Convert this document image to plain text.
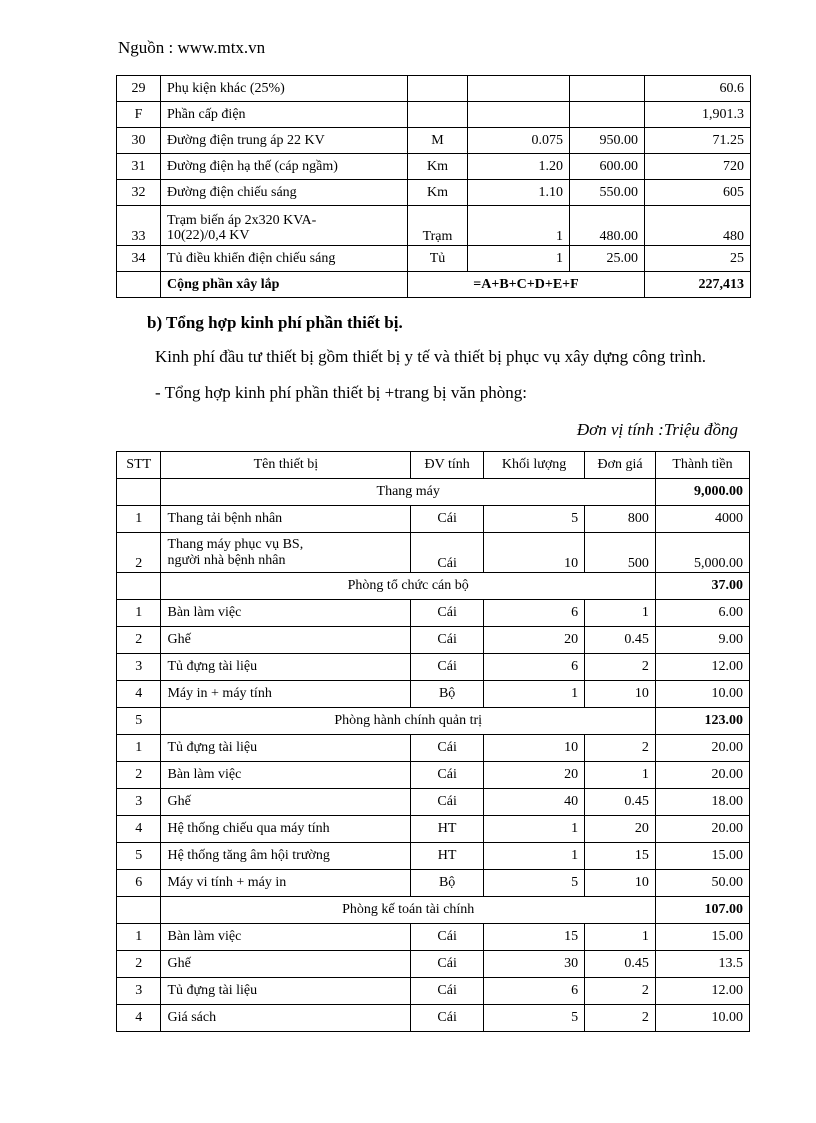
Nguồn : www.mtx.vn
29	Phụ kiện khác (25%)				60.6
F	Phần cấp điện				1,901.3
30	Đường điện trung áp 22 KV	M	0.075	950.00	71.25
31	Đường điện hạ thế (cáp ngầm)	Km	1.20	600.00	720
32	Đường điện chiếu sáng	Km	1.10	550.00	605
33	Trạm biến áp 2x320 KVA-
10(22)/0,4 KV	Trạm	1	480.00	480
34	Tủ điều khiển điện chiếu sáng	Tủ	1	25.00	25
	Cộng phần xây lắp	=A+B+C+D+E+F			227,413
b) Tổng hợp kinh phí phần thiết bị.
Kinh phí đầu tư thiết bị gồm thiết bị y tế và thiết bị phục vụ xây dựng công trình.
- Tổng hợp kinh phí phần thiết bị +trang bị văn phòng:
Đơn vị tính :Triệu đồng
STT	Tên thiết bị	ĐV tính	Khối lượng	Đơn giá	Thành tiền
	Thang máy				9,000.00
1	Thang tải bệnh nhân	Cái	5	800	4000
2	Thang máy phục vụ BS,
người nhà bệnh nhân	Cái	10	500	5,000.00
	Phòng tổ chức cán bộ				37.00
1	Bàn làm việc	Cái	6	1	6.00
2	Ghế	Cái	20	0.45	9.00
3	Tủ đựng tài liệu	Cái	6	2	12.00
4	Máy in + máy tính	Bộ	1	10	10.00
5	Phòng hành chính quản trị				123.00
1	Tủ đựng tài liệu	Cái	10	2	20.00
2	Bàn làm việc	Cái	20	1	20.00
3	Ghế	Cái	40	0.45	18.00
4	Hệ thống chiếu qua máy tính	HT	1	20	20.00
5	Hệ thống tăng âm hội trường	HT	1	15	15.00
6	Máy vi tính + máy in	Bộ	5	10	50.00
	Phòng kế toán tài chính				107.00
1	Bàn làm việc	Cái	15	1	15.00
2	Ghế	Cái	30	0.45	13.5
3	Tủ đựng tài liệu	Cái	6	2	12.00
4	Giá sách	Cái	5	2	10.00
